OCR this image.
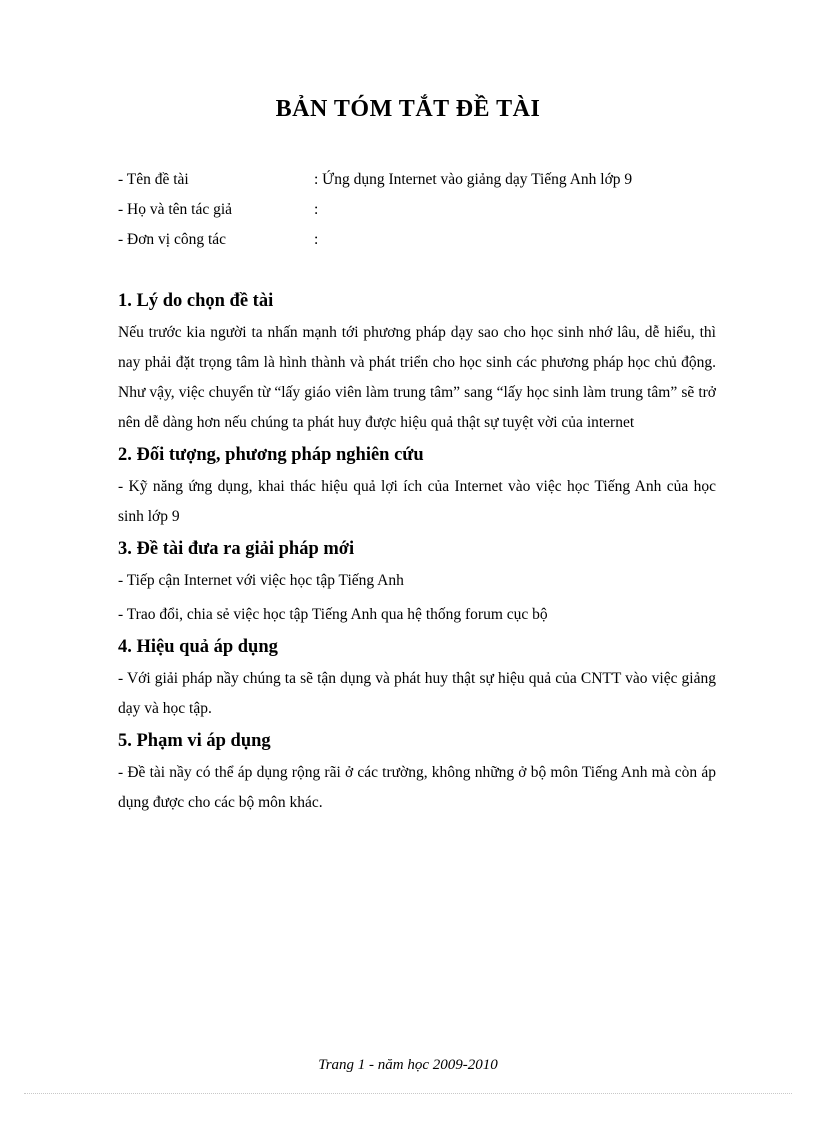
BẢN TÓM TẮT ĐỀ TÀI
- Tên đề tài	: Ứng dụng Internet vào giảng dạy Tiếng Anh lớp 9
- Họ và tên tác giả	:
- Đơn vị công tác	:
1. Lý do chọn đề tài

Nếu trước kia người ta nhấn mạnh tới phương pháp dạy sao cho học sinh nhớ lâu, dễ hiểu, thì nay phải đặt trọng tâm là hình thành và phát triển cho học sinh các phương pháp học chủ động. Như vậy, việc chuyển từ “lấy giáo viên làm trung tâm” sang “lấy học sinh làm trung tâm” sẽ trở nên dễ dàng hơn nếu chúng ta phát huy được hiệu quả thật sự tuyệt vời của internet

2. Đối tượng, phương pháp nghiên cứu

- Kỹ năng ứng dụng, khai thác hiệu quả lợi ích của Internet vào việc học Tiếng Anh của học sinh lớp 9

3. Đề tài đưa ra giải pháp mới

- Tiếp cận Internet với việc học tập Tiếng Anh

- Trao đổi, chia sẻ việc học tập Tiếng Anh qua hệ thống forum cục bộ

4. Hiệu quả áp dụng

- Với giải pháp nầy chúng ta sẽ tận dụng và phát huy thật sự hiệu quả của CNTT vào việc giảng dạy và học tập.

5. Phạm vi áp dụng

- Đề tài nầy có thể áp dụng rộng rãi ở các trường, không những ở bộ môn Tiếng Anh mà còn áp dụng được cho các bộ môn khác.

Trang 1 - năm học 2009-2010
